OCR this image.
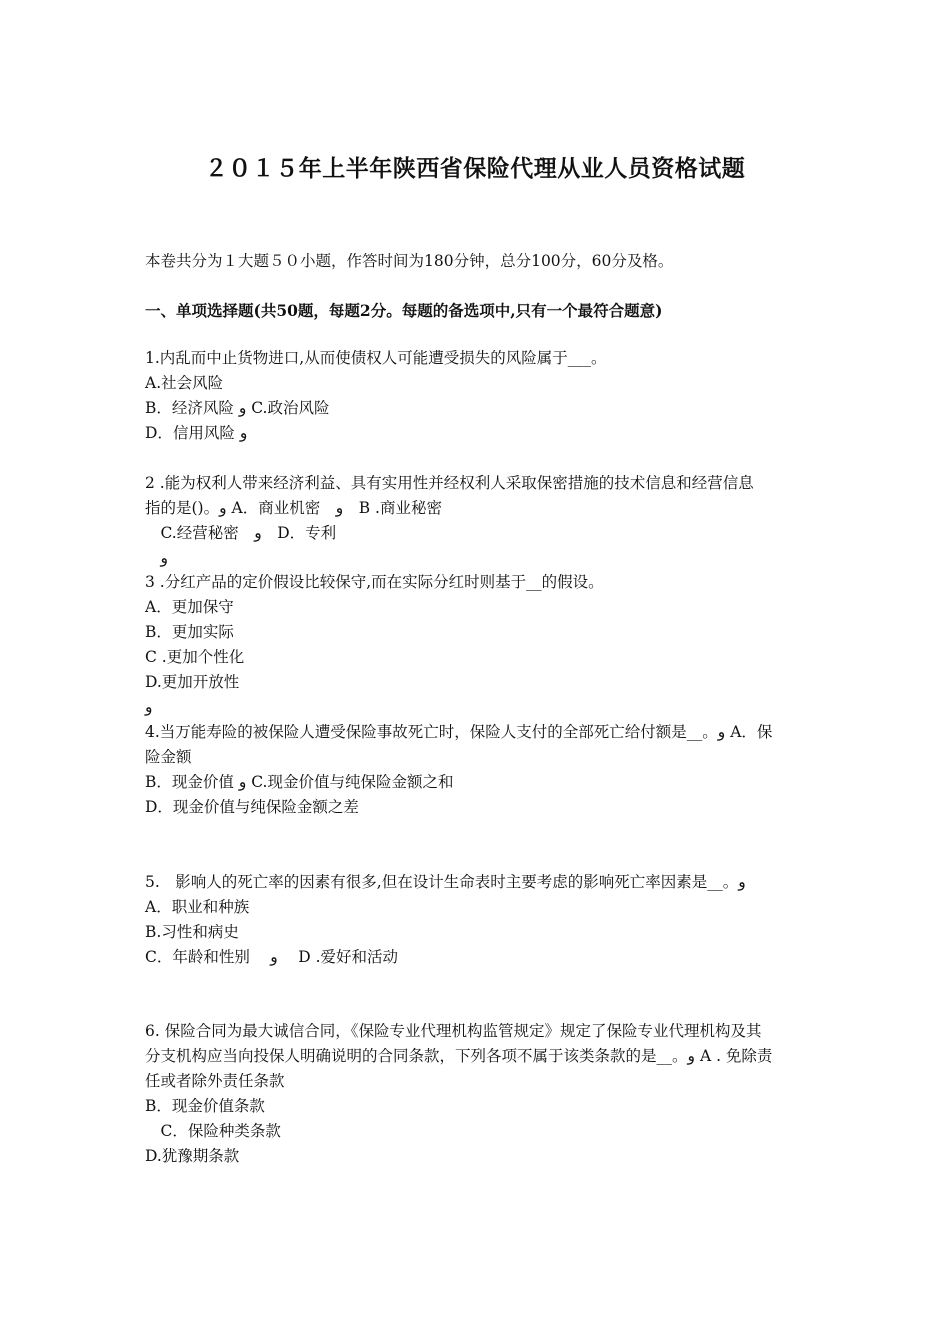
２０１５年上半年陕西省保险代理从业人员资格试题
本卷共分为１大题５０小题，作答时间为180分钟，总分100分，60分及格。
一、单项选择题(共50题，每题2分。每题的备选项中,只有一个最符合题意)
1.内乱而中止货物进口,从而使债权人可能遭受损失的风险属于___。
A.社会风险
B．经济风险 و C.政治风险
D．信用风险 و
2 .能为权利人带来经济利益、具有实用性并经权利人采取保密措施的技术信息和经营信息
指的是()。و A．商业机密　و　B .商业秘密
　C.经营秘密　و　D．专利
　و
3 .分红产品的定价假设比较保守,而在实际分红时则基于__的假设。
A．更加保守
B．更加实际
C .更加个性化
D.更加开放性
و
4.当万能寿险的被保险人遭受保险事故死亡时，保险人支付的全部死亡给付额是__。و A．保
险金额
B．现金价值 و C.现金价值与纯保险金额之和
D．现金价值与纯保险金额之差
5.　影响人的死亡率的因素有很多,但在设计生命表时主要考虑的影响死亡率因素是__。و
A．职业和种族
B.习性和病史
C．年龄和性别　 و　 D .爱好和活动
6. 保险合同为最大诚信合同，《保险专业代理机构监管规定》规定了保险专业代理机构及其
分支机构应当向投保人明确说明的合同条款，下列各项不属于该类条款的是__。و A . 免除责
任或者除外责任条款
B．现金价值条款
　C．保险种类条款
D.犹豫期条款
